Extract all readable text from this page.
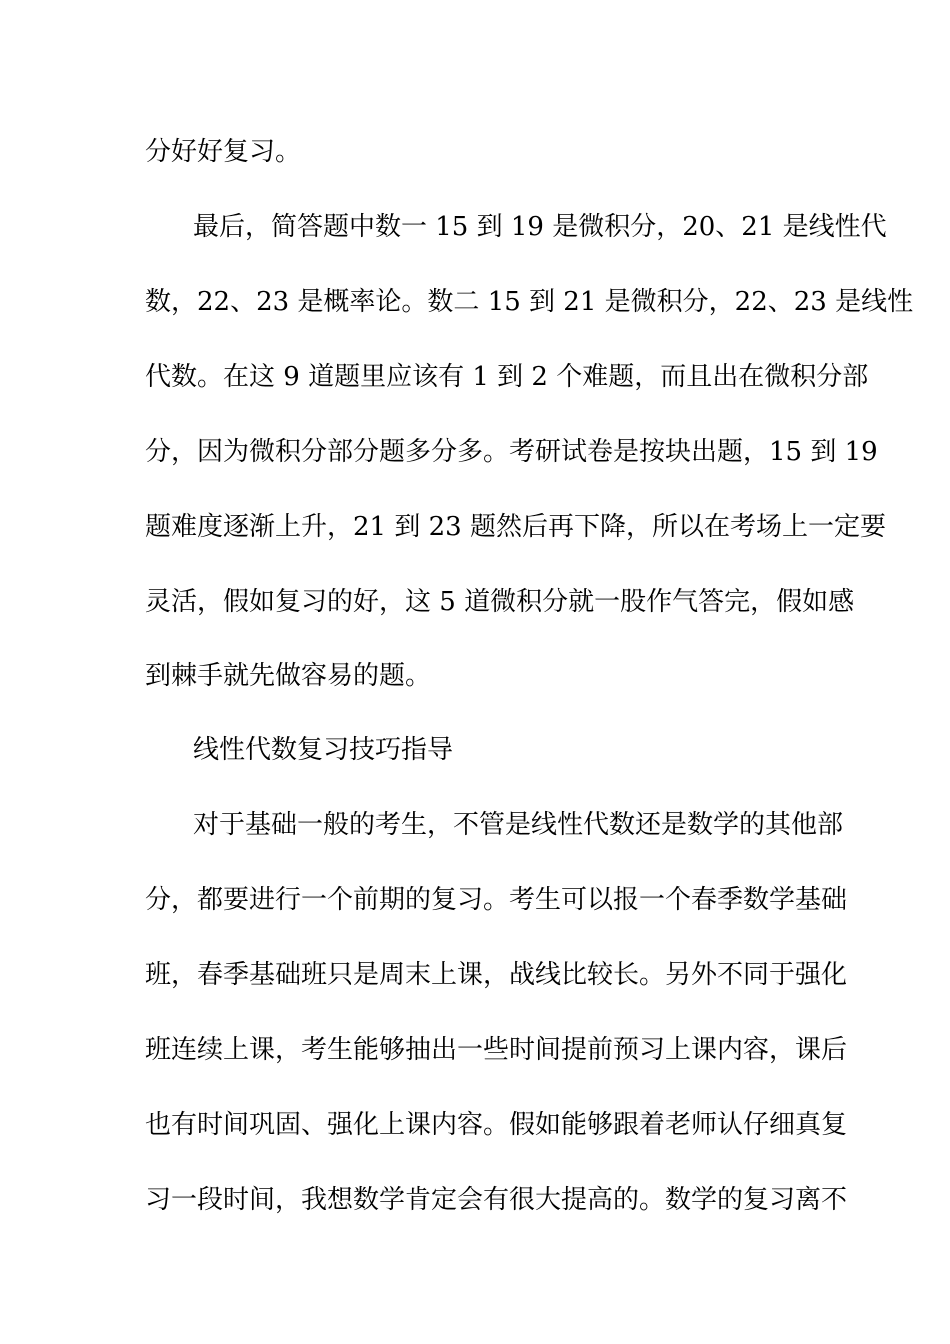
分好好复习。
最后，简答题中数一 15 到 19 是微积分，20、21 是线性代
数，22、23 是概率论。数二 15 到 21 是微积分，22、23 是线性
代数。在这 9 道题里应该有 1 到 2 个难题，而且出在微积分部
分，因为微积分部分题多分多。考研试卷是按块出题，15 到 19
题难度逐渐上升，21 到 23 题然后再下降，所以在考场上一定要
灵活，假如复习的好，这 5 道微积分就一股作气答完，假如感
到棘手就先做容易的题。
线性代数复习技巧指导
对于基础一般的考生，不管是线性代数还是数学的其他部
分，都要进行一个前期的复习。考生可以报一个春季数学基础
班，春季基础班只是周末上课，战线比较长。另外不同于强化
班连续上课，考生能够抽出一些时间提前预习上课内容，课后
也有时间巩固、强化上课内容。假如能够跟着老师认仔细真复
习一段时间，我想数学肯定会有很大提高的。数学的复习离不
